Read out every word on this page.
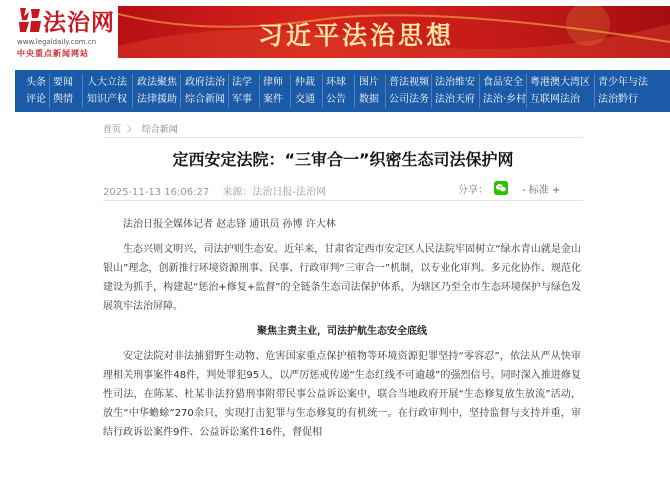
法治网
www.legaldaily.com.cn
中央重点新闻网站
习近平法治思想
头条 要闻 人大立法 政法聚焦 政府法治 法学 律师 仲裁 环球 图片 普法视频 法治维安 食品安全 粤港澳大湾区 青少年与法
评论 舆情 知识产权 法律援助 综合新闻 军事 案件 交通 公告 数据 公司法务 法治天府 法治·乡村 互联网法治 法治黔行
首页 〉 综合新闻
定西安定法院：“三审合一”织密生态司法保护网
2025-11-13 16:06:27 来源：法治日报-法治网	分享：	- 标准 +

法治日报全媒体记者 赵志锋 通讯员 孙博 许大林

生态兴则文明兴，司法护则生态安。近年来，甘肃省定西市安定区人民法院牢固树立“绿水青山就是金山银山”理念，创新推行环境资源刑事、民事、行政审判“三审合一”机制，以专业化审判、多元化协作、规范化建设为抓手，构建起“惩治+修复+监督”的全链条生态司法保护体系，为辖区乃至全市生态环境保护与绿色发展筑牢法治屏障。

聚焦主责主业，司法护航生态安全底线

安定法院对非法捕猎野生动物、危害国家重点保护植物等环境资源犯罪坚持“零容忍”，依法从严从快审理相关刑事案件48件，判处罪犯95人，以严厉惩戒传递“生态红线不可逾越”的强烈信号。同时深入推进修复性司法，在陈某、杜某非法狩猎刑事附带民事公益诉讼案中，联合当地政府开展“生态修复放生放流”活动，放生“中华蟾蜍”270余只，实现打击犯罪与生态修复的有机统一。在行政审判中，坚持监督与支持并重，审结行政诉讼案件9件、公益诉讼案件16件，督促相
